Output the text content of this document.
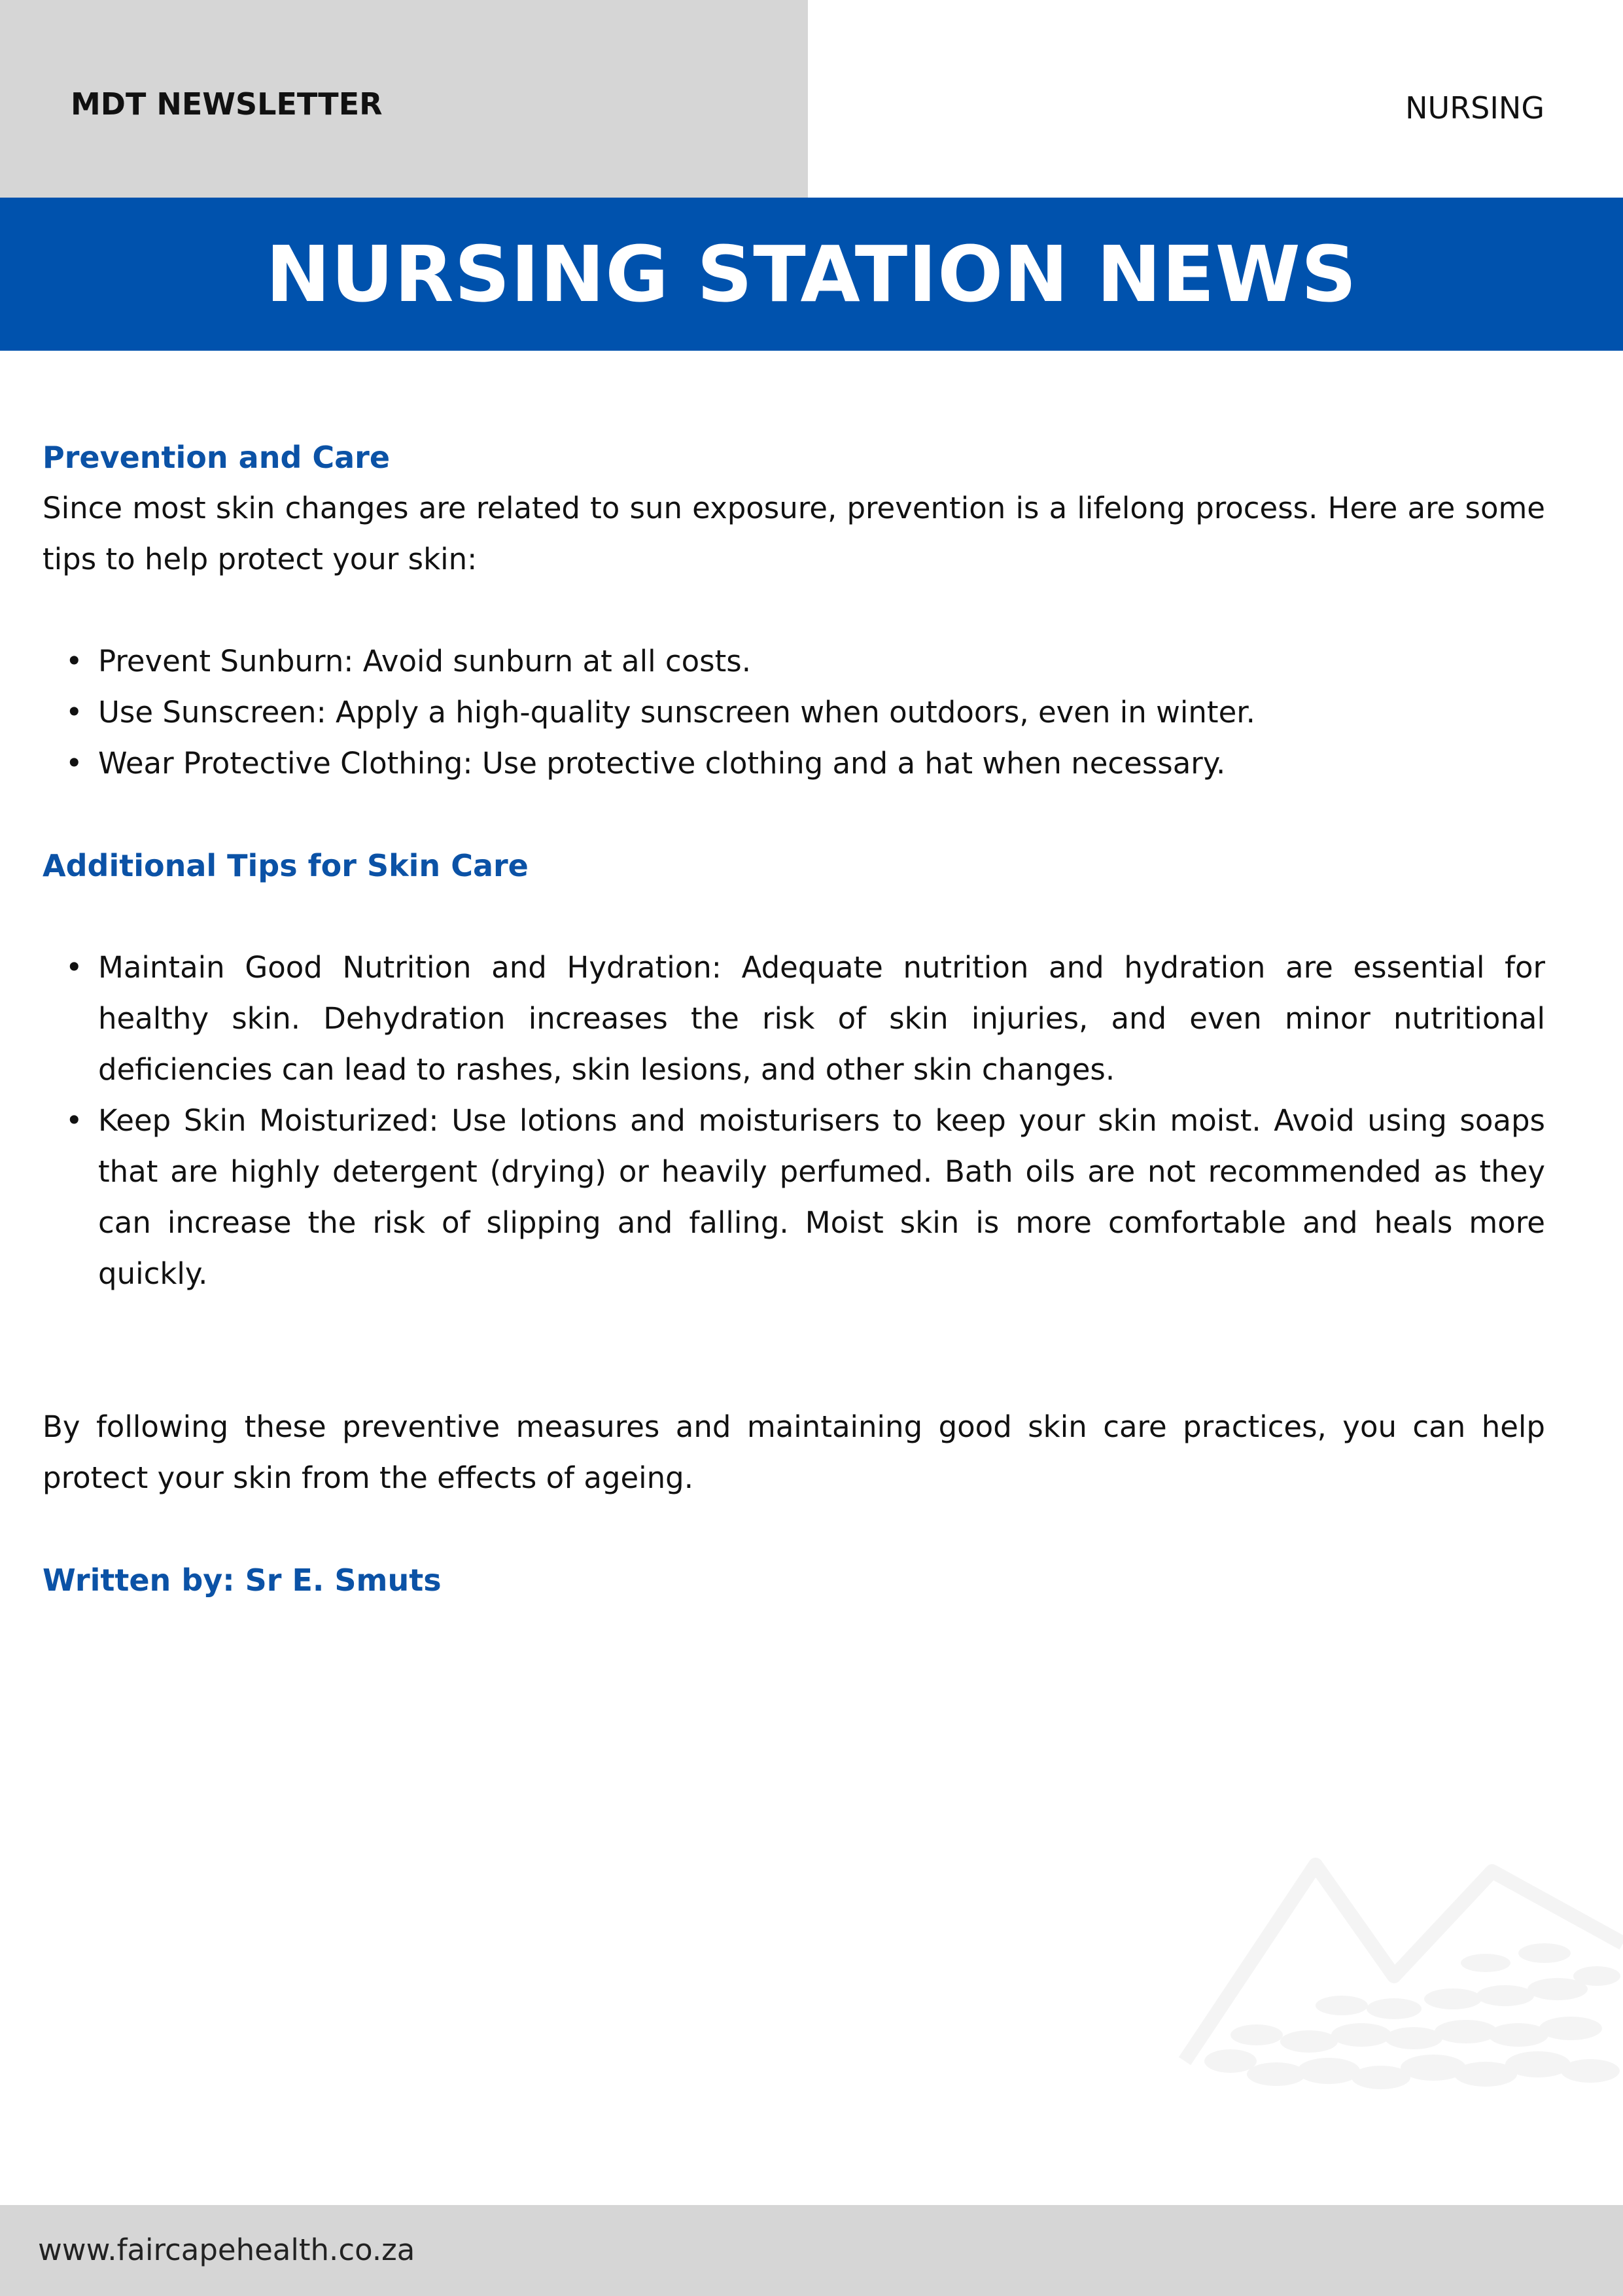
MDT NEWSLETTER	NURSING
NURSING STATION NEWS
Prevention and Care

Since most skin changes are related to sun exposure, prevention is a lifelong process. Here are some tips to help protect your skin:

• Prevent Sunburn: Avoid sunburn at all costs.
• Use Sunscreen: Apply a high-quality sunscreen when outdoors, even in winter.
• Wear Protective Clothing: Use protective clothing and a hat when necessary.
Additional Tips for Skin Care
• Maintain Good Nutrition and Hydration: Adequate nutrition and hydration are essential for healthy skin. Dehydration increases the risk of skin injuries, and even minor nutritional deficiencies can lead to rashes, skin lesions, and other skin changes.
• Keep Skin Moisturized: Use lotions and moisturisers to keep your skin moist. Avoid using soaps that are highly detergent (drying) or heavily perfumed. Bath oils are not recommended as they can increase the risk of slipping and falling. Moist skin is more comfortable and heals more quickly.

By following these preventive measures and maintaining good skin care practices, you can help protect your skin from the effects of ageing.

Written by: Sr E. Smuts
www.faircapehealth.co.za
